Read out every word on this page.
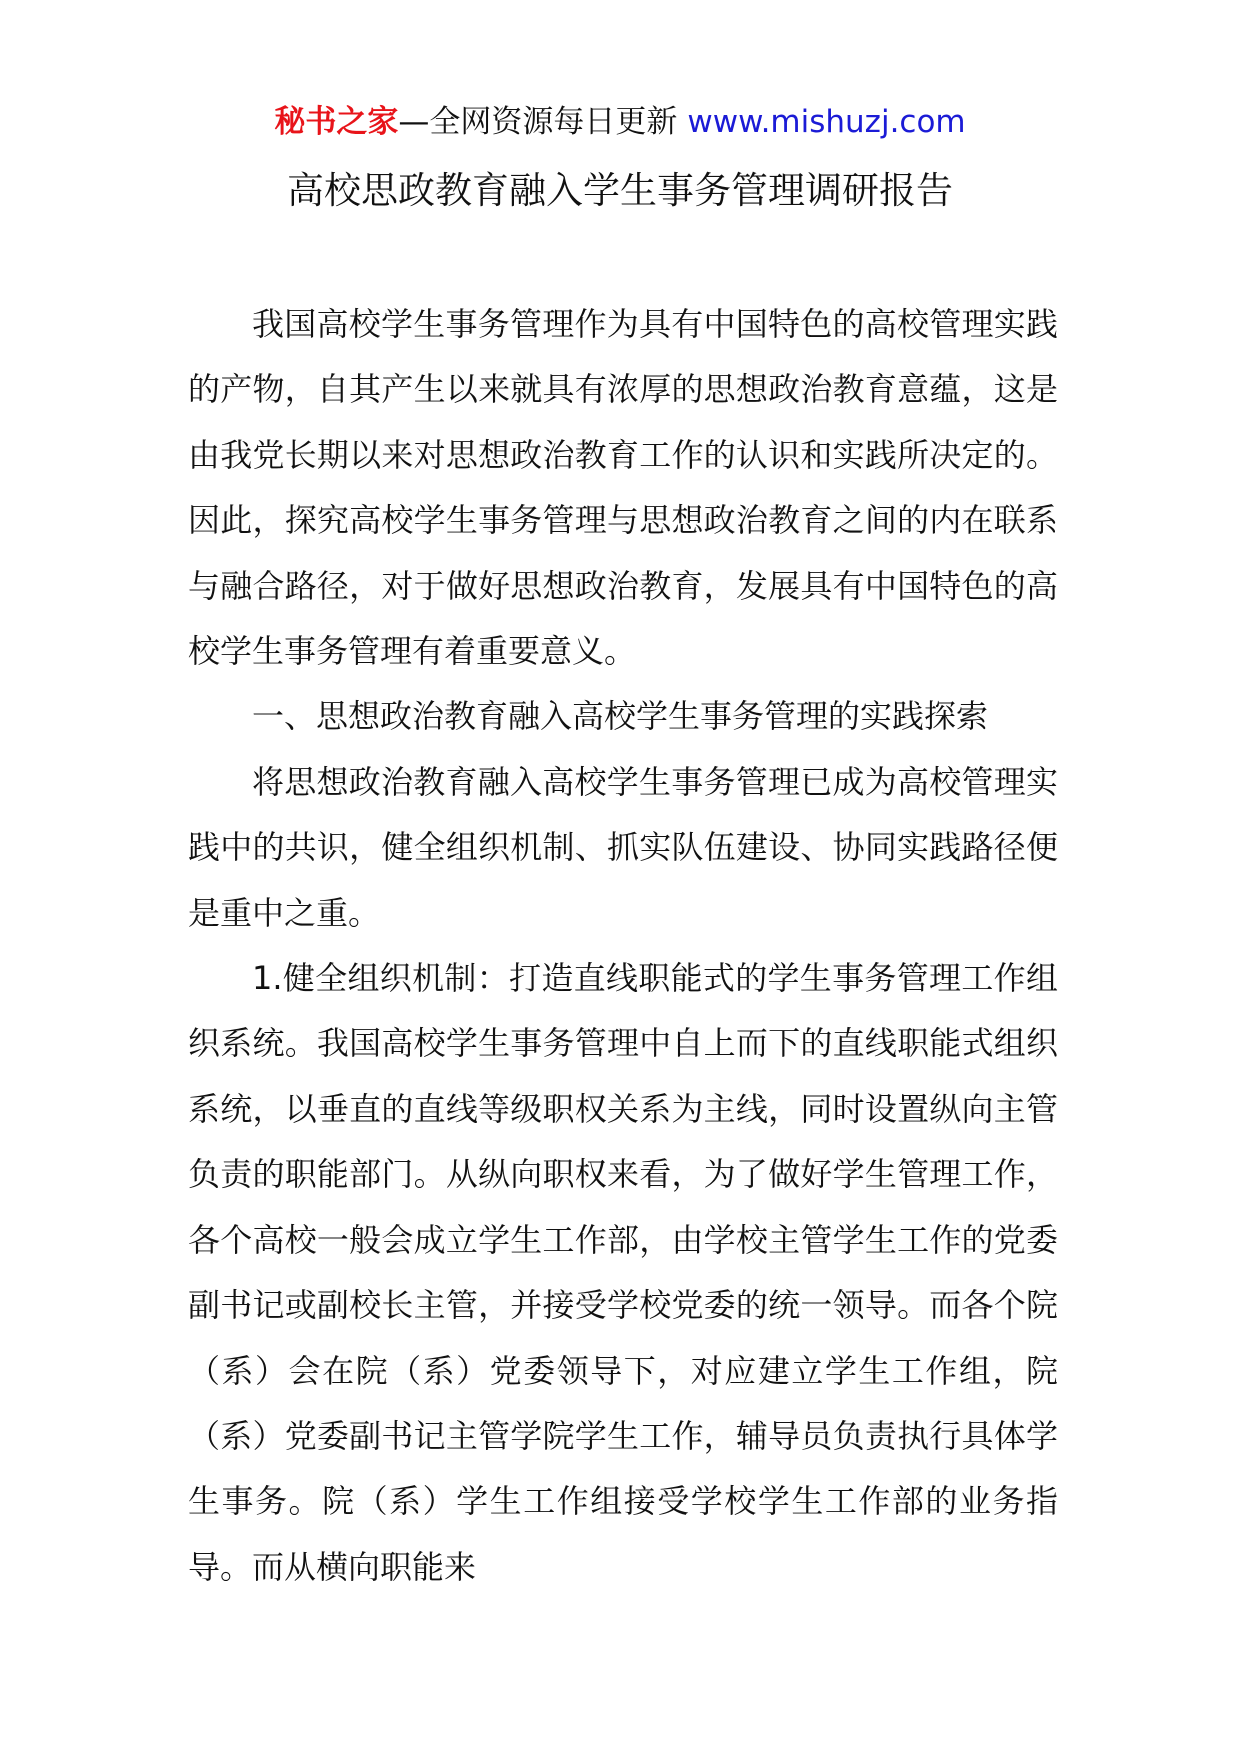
秘书之家—全网资源每日更新 www.mishuzj.com
高校思政教育融入学生事务管理调研报告

我国高校学生事务管理作为具有中国特色的高校管理实践的产物，自其产生以来就具有浓厚的思想政治教育意蕴，这是由我党长期以来对思想政治教育工作的认识和实践所决定的。因此，探究高校学生事务管理与思想政治教育之间的内在联系与融合路径，对于做好思想政治教育，发展具有中国特色的高校学生事务管理有着重要意义。

一、思想政治教育融入高校学生事务管理的实践探索

将思想政治教育融入高校学生事务管理已成为高校管理实践中的共识，健全组织机制、抓实队伍建设、协同实践路径便是重中之重。

1.健全组织机制：打造直线职能式的学生事务管理工作组织系统。我国高校学生事务管理中自上而下的直线职能式组织系统，以垂直的直线等级职权关系为主线，同时设置纵向主管负责的职能部门。从纵向职权来看，为了做好学生管理工作，各个高校一般会成立学生工作部，由学校主管学生工作的党委副书记或副校长主管，并接受学校党委的统一领导。而各个院（系）会在院（系）党委领导下，对应建立学生工作组，院（系）党委副书记主管学院学生工作，辅导员负责执行具体学生事务。院（系）学生工作组接受学校学生工作部的业务指导。而从横向职能来
